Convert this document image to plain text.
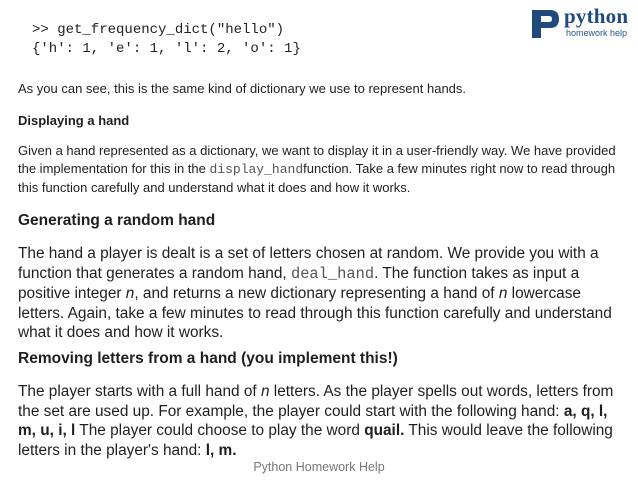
>> get_frequency_dict("hello")
{'h': 1, 'e': 1, 'l': 2, 'o': 1}
python
homework help
As you can see, this is the same kind of dictionary we use to represent hands.
Displaying a hand
Given a hand represented as a dictionary, we want to display it in a user-friendly way. We have provided the implementation for this in the display_handfunction. Take a few minutes right now to read through this function carefully and understand what it does and how it works.
Generating a random hand
The hand a player is dealt is a set of letters chosen at random. We provide you with a function that generates a random hand, deal_hand. The function takes as input a positive integer n, and returns a new dictionary representing a hand of n lowercase letters. Again, take a few minutes to read through this function carefully and understand what it does and how it works.
Removing letters from a hand (you implement this!)
The player starts with a full hand of n letters. As the player spells out words, letters from the set are used up. For example, the player could start with the following hand: a, q, l, m, u, i, l The player could choose to play the word quail. This would leave the following letters in the player's hand: l, m.
Python Homework Help
